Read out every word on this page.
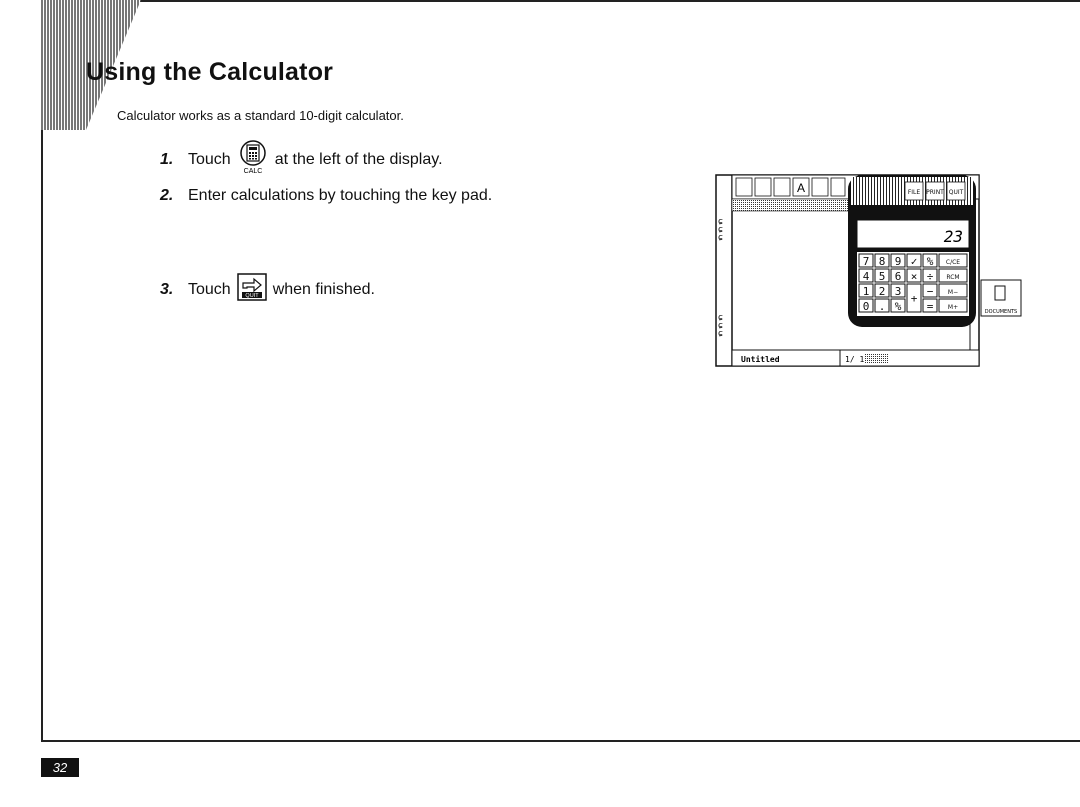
Using the Calculator
Calculator works as a standard 10-digit calculator.
1. Touch
CALC
at the left of the display.
2. Enter calculations by touching the key pad.
3. Touch	QUIT when finished.
A
ɕ
ɕ
ɕ
ɕ
ɕ
ɕ
23
7 8 9
4 5 6
1 2 3
0 . %
✓
×
+
%
÷
−
=
C/CE
RCM
M−
M+
FILE PRINT QUIT
DOCUMENTS
Untitled	1/ 1
32
